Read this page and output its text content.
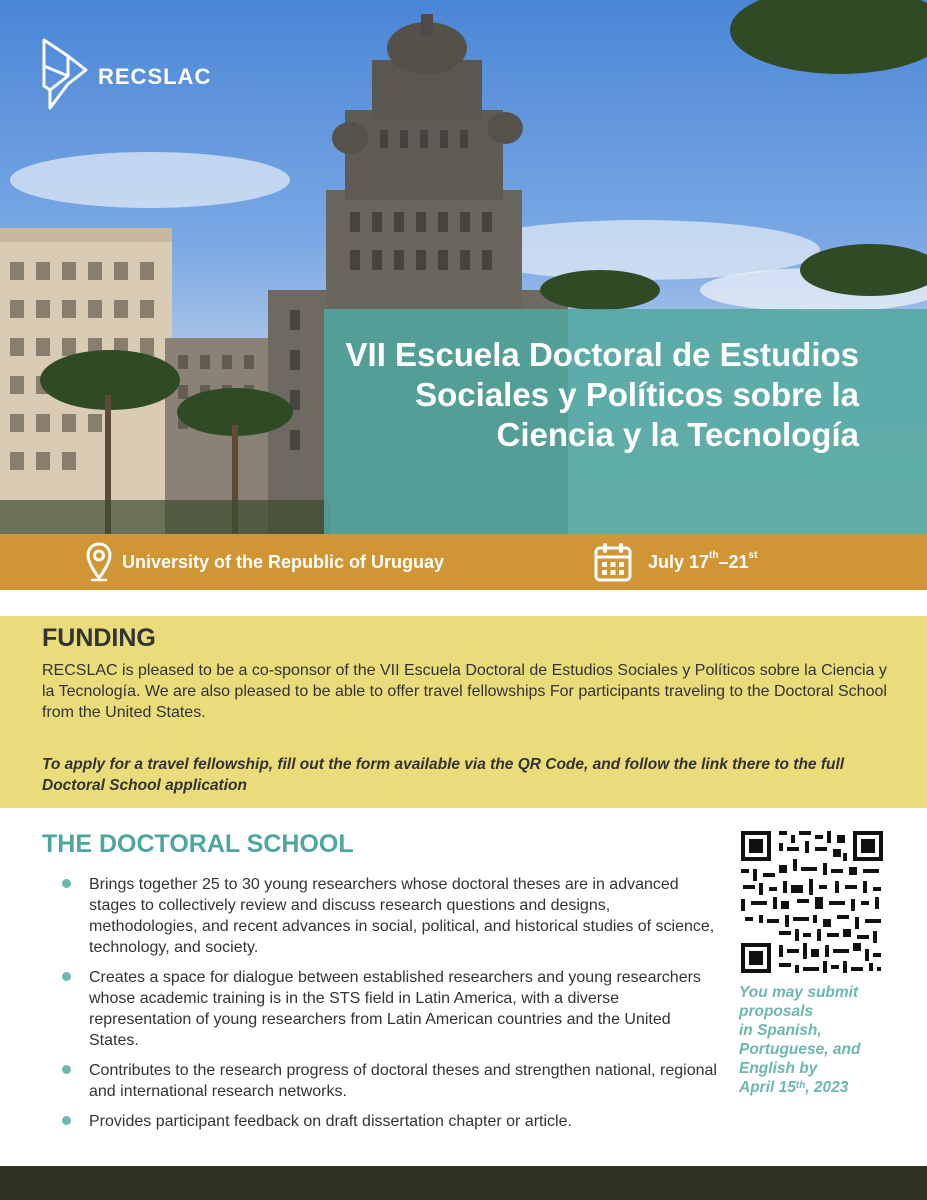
RECSLAC
VII Escuela Doctoral de Estudios Sociales y Políticos sobre la Ciencia y la Tecnología
University of the Republic of Uruguay	July 17th–21st
FUNDING

RECSLAC is pleased to be a co-sponsor of the VII Escuela Doctoral de Estudios Sociales y Políticos sobre la Ciencia y la Tecnología. We are also pleased to be able to offer travel fellowships For participants traveling to the Doctoral School from the United States.

To apply for a travel fellowship, fill out the form available via the QR Code, and follow the link there to the full Doctoral School application

THE DOCTORAL SCHOOL
Brings together 25 to 30 young researchers whose doctoral theses are in advanced stages to collectively review and discuss research questions and designs, methodologies, and recent advances in social, political, and historical studies of science, technology, and society.
Creates a space for dialogue between established researchers and young researchers whose academic training is in the STS field in Latin America, with a diverse representation of young researchers from Latin American countries and the United States.
Contributes to the research progress of doctoral theses and strengthen national, regional and international research networks.
Provides participant feedback on draft dissertation chapter or article.

You may submit
proposals
in Spanish,
Portuguese, and
English by
April 15th, 2023
